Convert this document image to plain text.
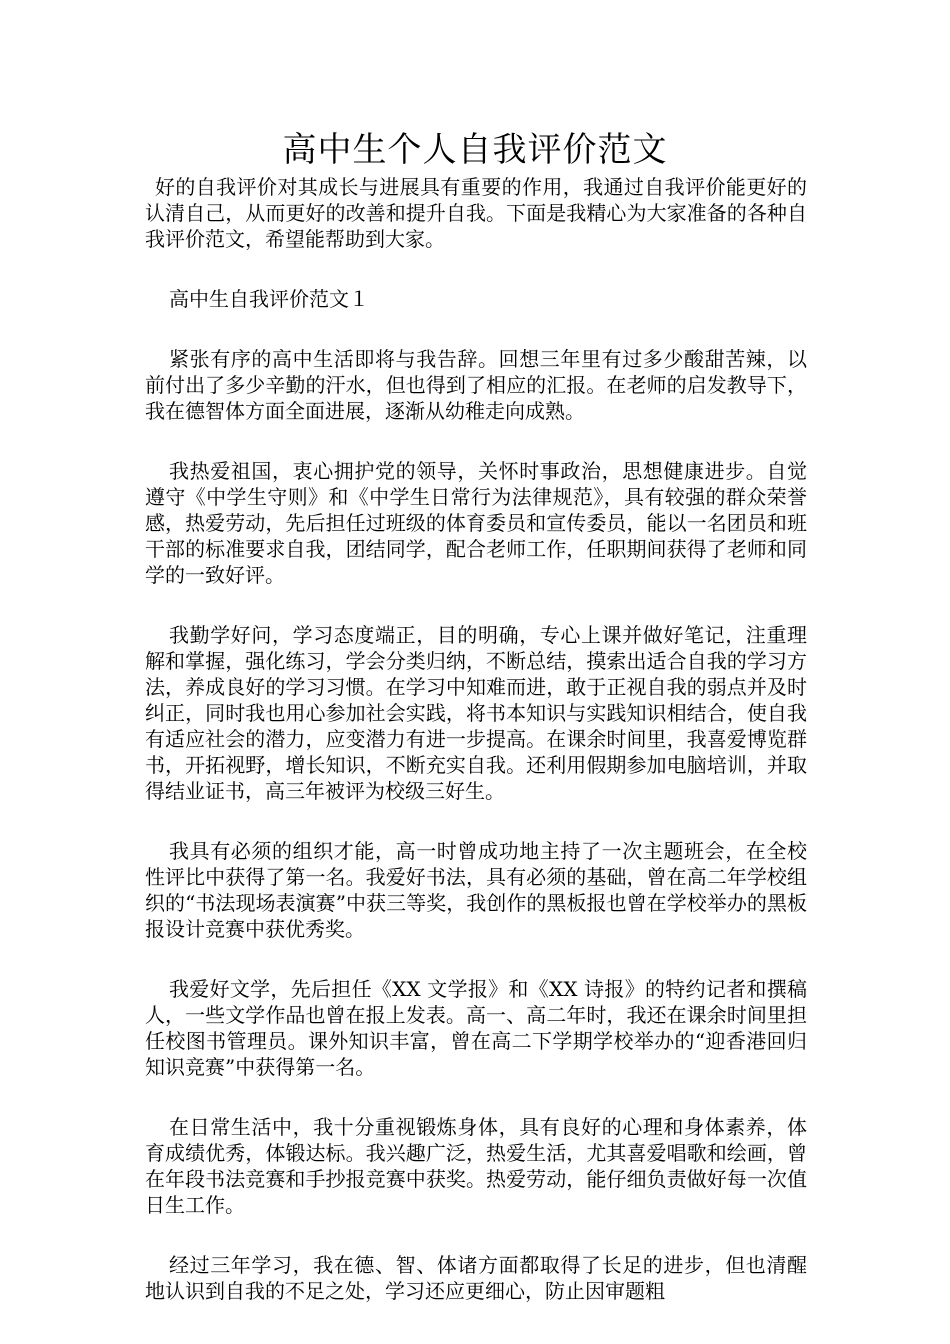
高中生个人自我评价范文

好的自我评价对其成长与进展具有重要的作用，我通过自我评价能更好的认清自己，从而更好的改善和提升自我。下面是我精心为大家准备的各种自我评价范文，希望能帮助到大家。

高中生自我评价范文１

紧张有序的高中生活即将与我告辞。回想三年里有过多少酸甜苦辣，以前付出了多少辛勤的汗水，但也得到了相应的汇报。在老师的启发教导下，我在德智体方面全面进展，逐渐从幼稚走向成熟。

我热爱祖国，衷心拥护党的领导，关怀时事政治，思想健康进步。自觉遵守《中学生守则》和《中学生日常行为法律规范》，具有较强的群众荣誉感，热爱劳动，先后担任过班级的体育委员和宣传委员，能以一名团员和班干部的标准要求自我，团结同学，配合老师工作，任职期间获得了老师和同学的一致好评。

我勤学好问，学习态度端正，目的明确，专心上课并做好笔记，注重理解和掌握，强化练习，学会分类归纳，不断总结，摸索出适合自我的学习方法，养成良好的学习习惯。在学习中知难而进，敢于正视自我的弱点并及时纠正，同时我也用心参加社会实践，将书本知识与实践知识相结合，使自我有适应社会的潜力，应变潜力有进一步提高。在课余时间里，我喜爱博览群书，开拓视野，增长知识，不断充实自我。还利用假期参加电脑培训，并取得结业证书，高三年被评为校级三好生。

我具有必须的组织才能，高一时曾成功地主持了一次主题班会，在全校性评比中获得了第一名。我爱好书法，具有必须的基础，曾在高二年学校组织的“书法现场表演赛”中获三等奖，我创作的黑板报也曾在学校举办的黑板报设计竞赛中获优秀奖。

我爱好文学，先后担任《XX 文学报》和《XX 诗报》的特约记者和撰稿人，一些文学作品也曾在报上发表。高一、高二年时，我还在课余时间里担任校图书管理员。课外知识丰富，曾在高二下学期学校举办的“迎香港回归知识竞赛”中获得第一名。

在日常生活中，我十分重视锻炼身体，具有良好的心理和身体素养，体育成绩优秀，体锻达标。我兴趣广泛，热爱生活，尤其喜爱唱歌和绘画，曾在年段书法竞赛和手抄报竞赛中获奖。热爱劳动，能仔细负责做好每一次值日生工作。

经过三年学习，我在德、智、体诸方面都取得了长足的进步，但也清醒地认识到自我的不足之处，学习还应更细心，防止因审题粗
